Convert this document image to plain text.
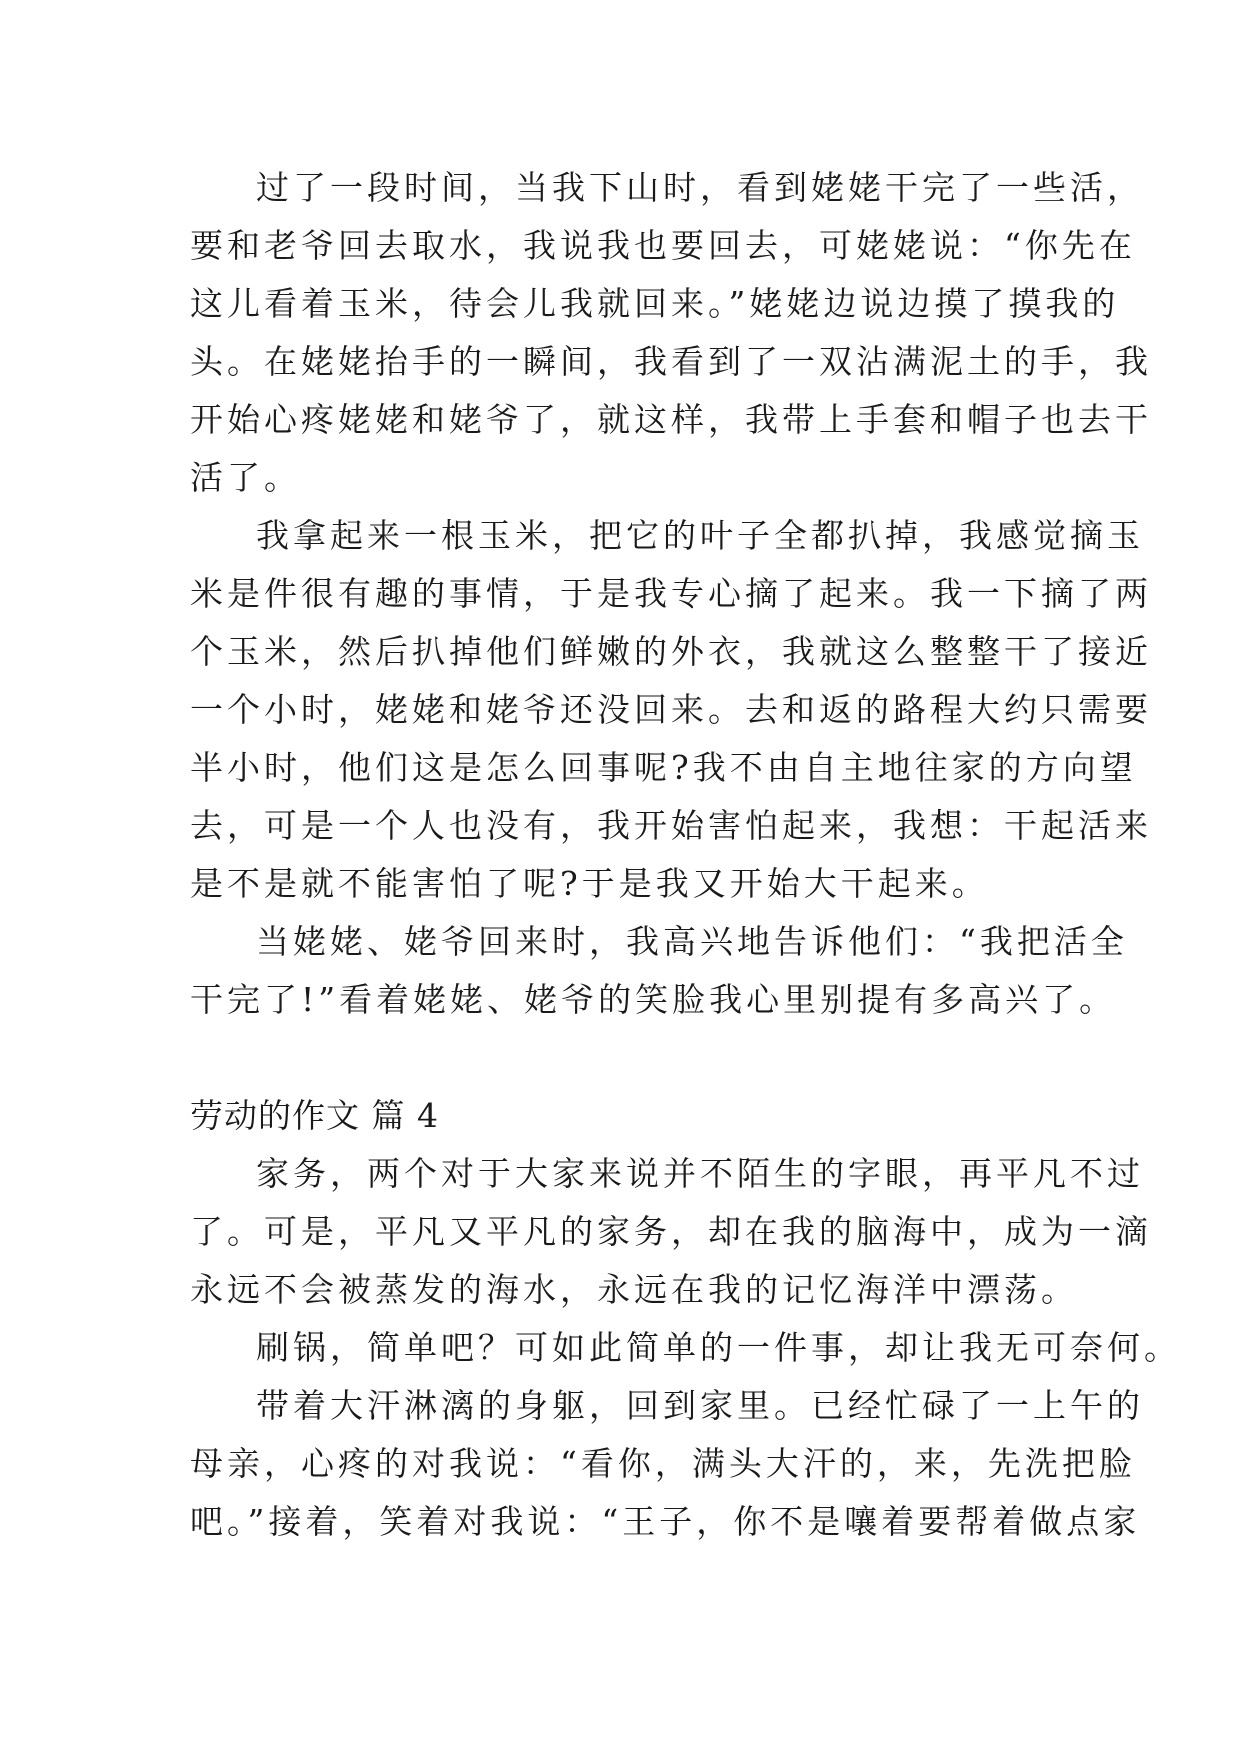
过了一段时间，当我下山时，看到姥姥干完了一些活，
要和老爷回去取水，我说我也要回去，可姥姥说：“你先在
这儿看着玉米，待会儿我就回来。”姥姥边说边摸了摸我的
头。在姥姥抬手的一瞬间，我看到了一双沾满泥土的手，我
开始心疼姥姥和姥爷了，就这样，我带上手套和帽子也去干
活了。
我拿起来一根玉米，把它的叶子全都扒掉，我感觉摘玉
米是件很有趣的事情，于是我专心摘了起来。我一下摘了两
个玉米，然后扒掉他们鲜嫩的外衣，我就这么整整干了接近
一个小时，姥姥和姥爷还没回来。去和返的路程大约只需要
半小时，他们这是怎么回事呢?我不由自主地往家的方向望
去，可是一个人也没有，我开始害怕起来，我想：干起活来
是不是就不能害怕了呢?于是我又开始大干起来。
当姥姥、姥爷回来时，我高兴地告诉他们：“我把活全
干完了!”看着姥姥、姥爷的笑脸我心里别提有多高兴了。
劳动的作文 篇 4
家务，两个对于大家来说并不陌生的字眼，再平凡不过
了。可是，平凡又平凡的家务，却在我的脑海中，成为一滴
永远不会被蒸发的海水，永远在我的记忆海洋中漂荡。
刷锅，简单吧？可如此简单的一件事，却让我无可奈何。
带着大汗淋漓的身躯，回到家里。已经忙碌了一上午的
母亲，心疼的对我说：“看你，满头大汗的，来，先洗把脸
吧。”接着，笑着对我说：“王子，你不是嚷着要帮着做点家
